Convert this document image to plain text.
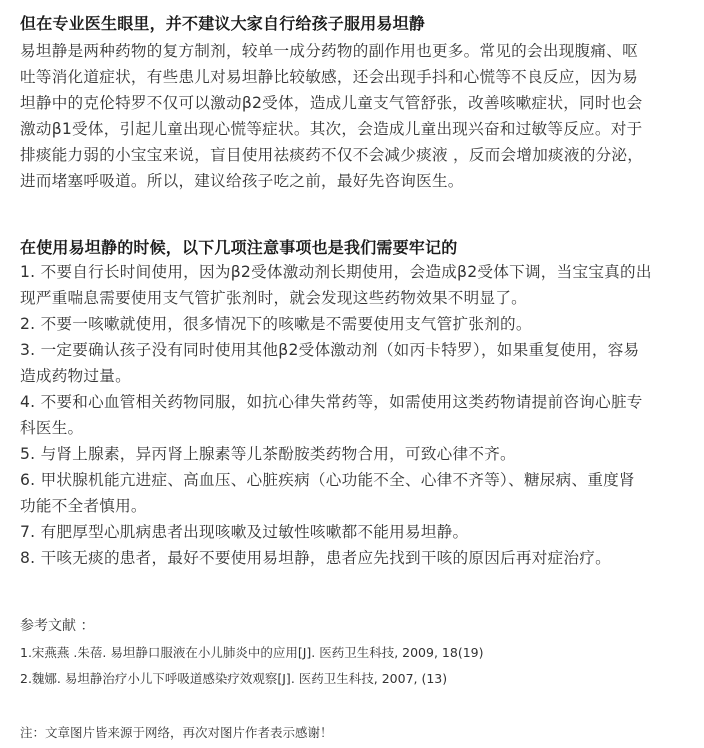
但在专业医生眼里，并不建议大家自行给孩子服用易坦静
易坦静是两种药物的复方制剂，较单一成分药物的副作用也更多。常见的会出现腹痛、呕
吐等消化道症状，有些患儿对易坦静比较敏感，还会出现手抖和心慌等不良反应，因为易
坦静中的克伦特罗不仅可以激动β2受体，造成儿童支气管舒张，改善咳嗽症状，同时也会
激动β1受体，引起儿童出现心慌等症状。其次，会造成儿童出现兴奋和过敏等反应。对于
排痰能力弱的小宝宝来说，盲目使用祛痰药不仅不会减少痰液 ，反而会增加痰液的分泌，
进而堵塞呼吸道。所以，建议给孩子吃之前，最好先咨询医生。
在使用易坦静的时候，以下几项注意事项也是我们需要牢记的
1. 不要自行长时间使用，因为β2受体激动剂长期使用，会造成β2受体下调，当宝宝真的出
现严重喘息需要使用支气管扩张剂时，就会发现这些药物效果不明显了。
2. 不要一咳嗽就使用，很多情况下的咳嗽是不需要使用支气管扩张剂的。
3. 一定要确认孩子没有同时使用其他β2受体激动剂（如丙卡特罗），如果重复使用，容易
造成药物过量。
4. 不要和心血管相关药物同服，如抗心律失常药等，如需使用这类药物请提前咨询心脏专
科医生。
5. 与肾上腺素，异丙肾上腺素等儿茶酚胺类药物合用，可致心律不齐。
6. 甲状腺机能亢进症、高血压、心脏疾病（心功能不全、心律不齐等）、糖尿病、重度肾
功能不全者慎用。
7. 有肥厚型心肌病患者出现咳嗽及过敏性咳嗽都不能用易坦静。
8. 干咳无痰的患者，最好不要使用易坦静，患者应先找到干咳的原因后再对症治疗。
参考文献 ：
1.宋燕燕 .朱蓓. 易坦静口服液在小儿肺炎中的应用[J]. 医药卫生科技, 2009, 18(19)
2.魏娜. 易坦静治疗小儿下呼吸道感染疗效观察[J]. 医药卫生科技, 2007, (13)
注：文章图片皆来源于网络，再次对图片作者表示感谢！
